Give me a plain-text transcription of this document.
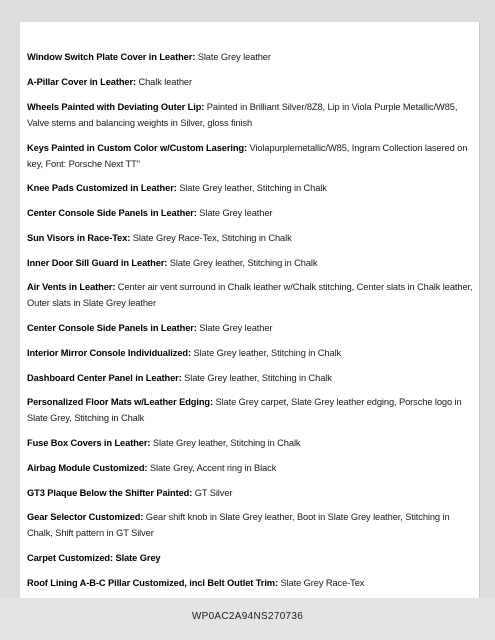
Window Switch Plate Cover in Leather: Slate Grey leather
A-Pillar Cover in Leather: Chalk leather
Wheels Painted with Deviating Outer Lip: Painted in Brilliant Silver/8Z8, Lip in Viola Purple Metallic/W85, Valve stems and balancing weights in Silver, gloss finish
Keys Painted in Custom Color w/Custom Lasering: Violapurplemetallic/W85, Ingram Collection lasered on key, Font: Porsche Next TT"
Knee Pads Customized in Leather: Slate Grey leather, Stitching in Chalk
Center Console Side Panels in Leather: Slate Grey leather
Sun Visors in Race-Tex: Slate Grey Race-Tex, Stitching in Chalk
Inner Door Sill Guard in Leather: Slate Grey leather, Stitching in Chalk
Air Vents in Leather: Center air vent surround in Chalk leather w/Chalk stitching, Center slats in Chalk leather, Outer slats in Slate Grey leather
Center Console Side Panels in Leather: Slate Grey leather
Interior Mirror Console Individualized: Slate Grey leather, Stitching in Chalk
Dashboard Center Panel in Leather: Slate Grey leather, Stitching in Chalk
Personalized Floor Mats w/Leather Edging: Slate Grey carpet, Slate Grey leather edging, Porsche logo in Slate Grey, Stitching in Chalk
Fuse Box Covers in Leather: Slate Grey leather, Stitching in Chalk
Airbag Module Customized: Slate Grey, Accent ring in Black
GT3 Plaque Below the Shifter Painted: GT Silver
Gear Selector Customized: Gear shift knob in Slate Grey leather, Boot in Slate Grey leather, Stitching in Chalk, Shift pattern in GT Silver
Carpet Customized: Slate Grey
Roof Lining A-B-C Pillar Customized, incl Belt Outlet Trim: Slate Grey Race-Tex
WP0AC2A94NS270736
